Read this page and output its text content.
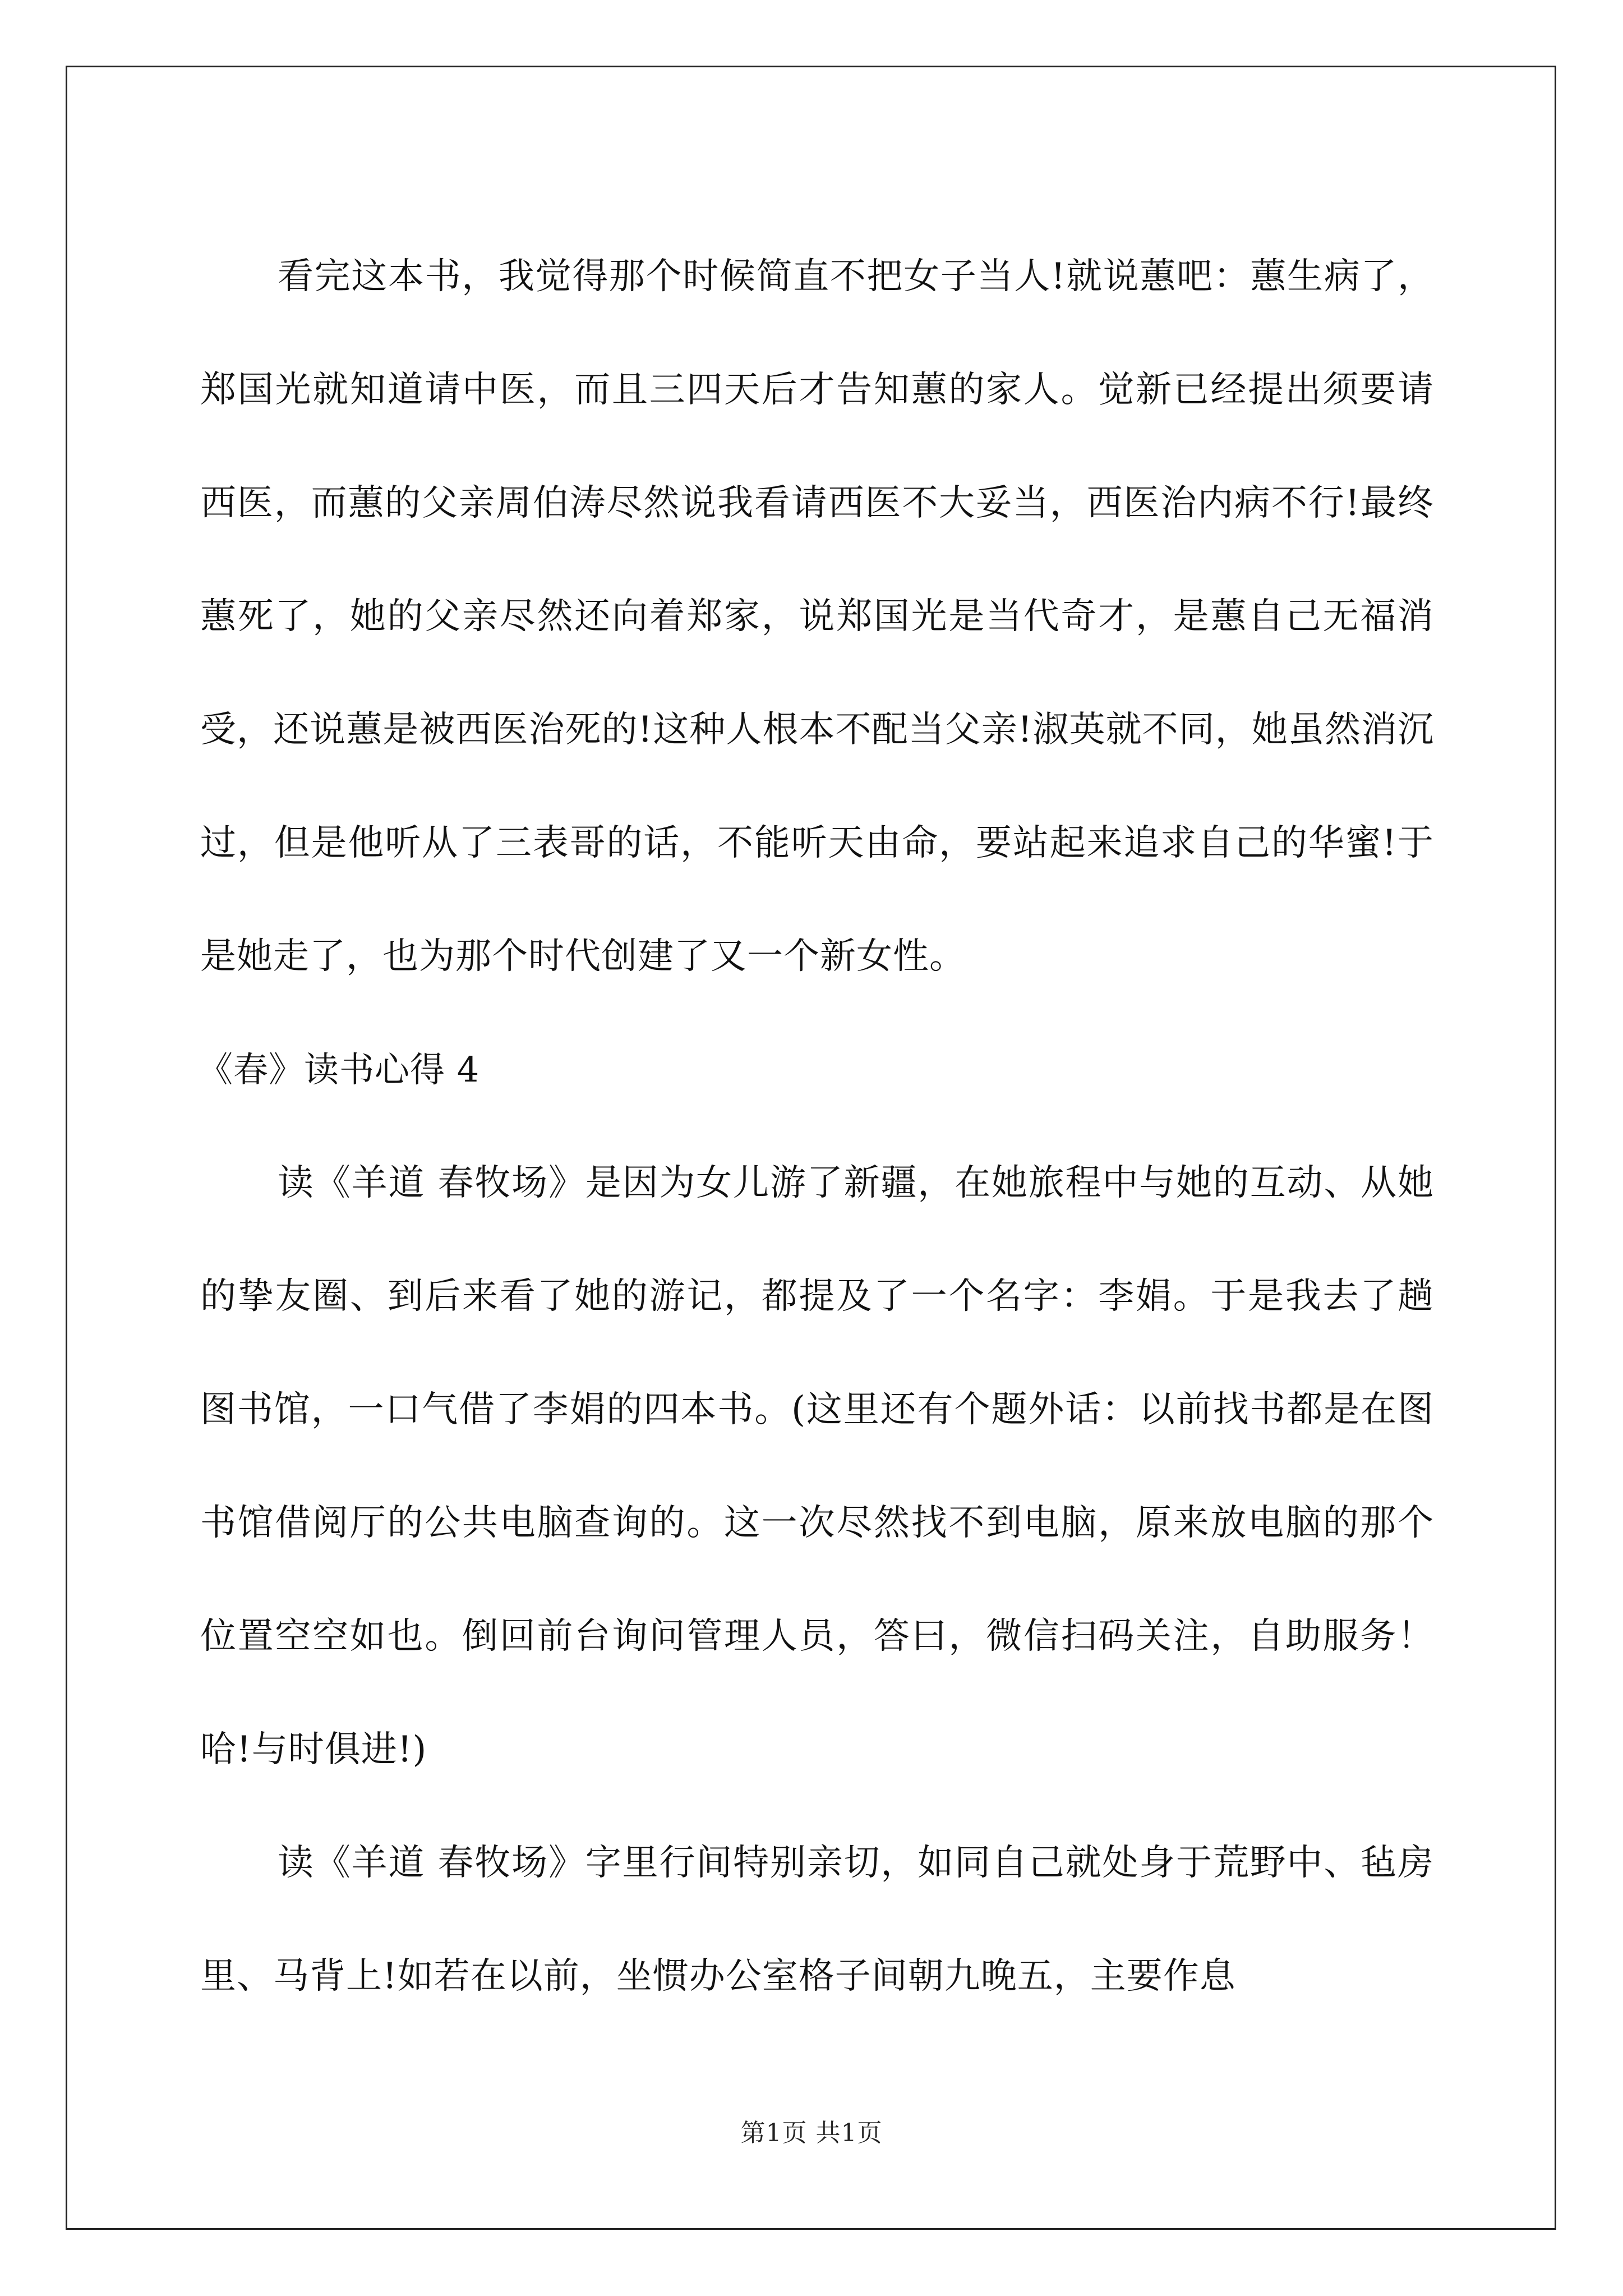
看完这本书，我觉得那个时候简直不把女子当人!就说蕙吧：蕙生病了，郑国光就知道请中医，而且三四天后才告知蕙的家人。觉新已经提出须要请西医，而蕙的父亲周伯涛尽然说我看请西医不大妥当，西医治内病不行!最终蕙死了，她的父亲尽然还向着郑家，说郑国光是当代奇才，是蕙自己无福消受，还说蕙是被西医治死的!这种人根本不配当父亲!淑英就不同，她虽然消沉过，但是他听从了三表哥的话，不能听天由命，要站起来追求自己的华蜜!于是她走了，也为那个时代创建了又一个新女性。

《春》读书心得 4

读《羊道 春牧场》是因为女儿游了新疆，在她旅程中与她的互动、从她的挚友圈、到后来看了她的游记，都提及了一个名字：李娟。于是我去了趟图书馆，一口气借了李娟的四本书。(这里还有个题外话：以前找书都是在图书馆借阅厅的公共电脑查询的。这一次尽然找不到电脑，原来放电脑的那个位置空空如也。倒回前台询问管理人员，答曰，微信扫码关注，自助服务！哈!与时俱进!)

读《羊道 春牧场》字里行间特别亲切，如同自己就处身于荒野中、毡房里、马背上!如若在以前，坐惯办公室格子间朝九晚五，主要作息

第1页 共1页
